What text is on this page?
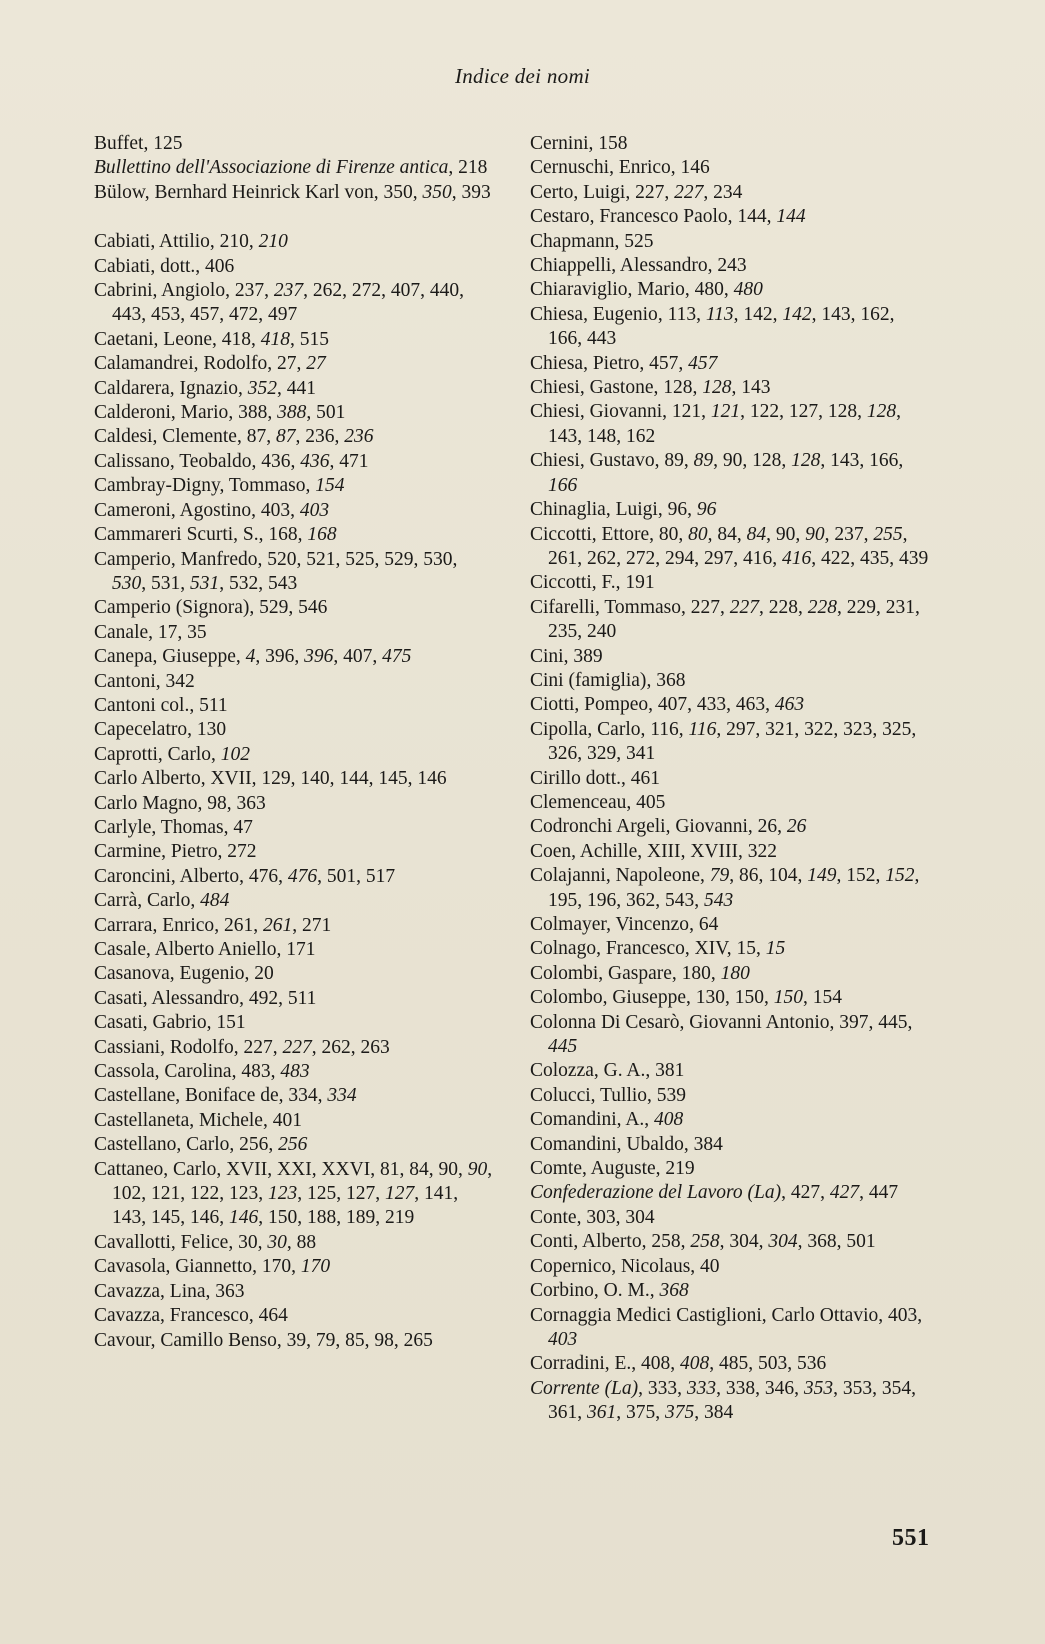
Indice dei nomi
Buffet, 125
Bullettino dell'Associazione di Firenze antica, 218
Bülow, Bernhard Heinrick Karl von, 350, 350, 393
Cabiati, Attilio, 210, 210
Cabiati, dott., 406
Cabrini, Angiolo, 237, 237, 262, 272, 407, 440, 443, 453, 457, 472, 497
Caetani, Leone, 418, 418, 515
Calamandrei, Rodolfo, 27, 27
Caldarera, Ignazio, 352, 441
Calderoni, Mario, 388, 388, 501
Caldesi, Clemente, 87, 87, 236, 236
Calissano, Teobaldo, 436, 436, 471
Cambray-Digny, Tommaso, 154
Cameroni, Agostino, 403, 403
Cammareri Scurti, S., 168, 168
Camperio, Manfredo, 520, 521, 525, 529, 530, 530, 531, 531, 532, 543
Camperio (Signora), 529, 546
Canale, 17, 35
Canepa, Giuseppe, 4, 396, 396, 407, 475
Cantoni, 342
Cantoni col., 511
Capecelatro, 130
Caprotti, Carlo, 102
Carlo Alberto, XVII, 129, 140, 144, 145, 146
Carlo Magno, 98, 363
Carlyle, Thomas, 47
Carmine, Pietro, 272
Caroncini, Alberto, 476, 476, 501, 517
Carrà, Carlo, 484
Carrara, Enrico, 261, 261, 271
Casale, Alberto Aniello, 171
Casanova, Eugenio, 20
Casati, Alessandro, 492, 511
Casati, Gabrio, 151
Cassiani, Rodolfo, 227, 227, 262, 263
Cassola, Carolina, 483, 483
Castellane, Boniface de, 334, 334
Castellaneta, Michele, 401
Castellano, Carlo, 256, 256
Cattaneo, Carlo, XVII, XXI, XXVI, 81, 84, 90, 90, 102, 121, 122, 123, 123, 125, 127, 127, 141, 143, 145, 146, 146, 150, 188, 189, 219
Cavallotti, Felice, 30, 30, 88
Cavasola, Giannetto, 170, 170
Cavazza, Lina, 363
Cavazza, Francesco, 464
Cavour, Camillo Benso, 39, 79, 85, 98, 265
Cernini, 158
Cernuschi, Enrico, 146
Certo, Luigi, 227, 227, 234
Cestaro, Francesco Paolo, 144, 144
Chapmann, 525
Chiappelli, Alessandro, 243
Chiaraviglio, Mario, 480, 480
Chiesa, Eugenio, 113, 113, 142, 142, 143, 162, 166, 443
Chiesa, Pietro, 457, 457
Chiesi, Gastone, 128, 128, 143
Chiesi, Giovanni, 121, 121, 122, 127, 128, 128, 143, 148, 162
Chiesi, Gustavo, 89, 89, 90, 128, 128, 143, 166, 166
Chinaglia, Luigi, 96, 96
Ciccotti, Ettore, 80, 80, 84, 84, 90, 90, 237, 255, 261, 262, 272, 294, 297, 416, 416, 422, 435, 439
Ciccotti, F., 191
Cifarelli, Tommaso, 227, 227, 228, 228, 229, 231, 235, 240
Cini, 389
Cini (famiglia), 368
Ciotti, Pompeo, 407, 433, 463, 463
Cipolla, Carlo, 116, 116, 297, 321, 322, 323, 325, 326, 329, 341
Cirillo dott., 461
Clemenceau, 405
Codronchi Argeli, Giovanni, 26, 26
Coen, Achille, XIII, XVIII, 322
Colajanni, Napoleone, 79, 86, 104, 149, 152, 152, 195, 196, 362, 543, 543
Colmayer, Vincenzo, 64
Colnago, Francesco, XIV, 15, 15
Colombi, Gaspare, 180, 180
Colombo, Giuseppe, 130, 150, 150, 154
Colonna Di Cesarò, Giovanni Antonio, 397, 445, 445
Colozza, G. A., 381
Colucci, Tullio, 539
Comandini, A., 408
Comandini, Ubaldo, 384
Comte, Auguste, 219
Confederazione del Lavoro (La), 427, 427, 447
Conte, 303, 304
Conti, Alberto, 258, 258, 304, 304, 368, 501
Copernico, Nicolaus, 40
Corbino, O. M., 368
Cornaggia Medici Castiglioni, Carlo Ottavio, 403, 403
Corradini, E., 408, 408, 485, 503, 536
Corrente (La), 333, 333, 338, 346, 353, 353, 354, 361, 361, 375, 375, 384
551
